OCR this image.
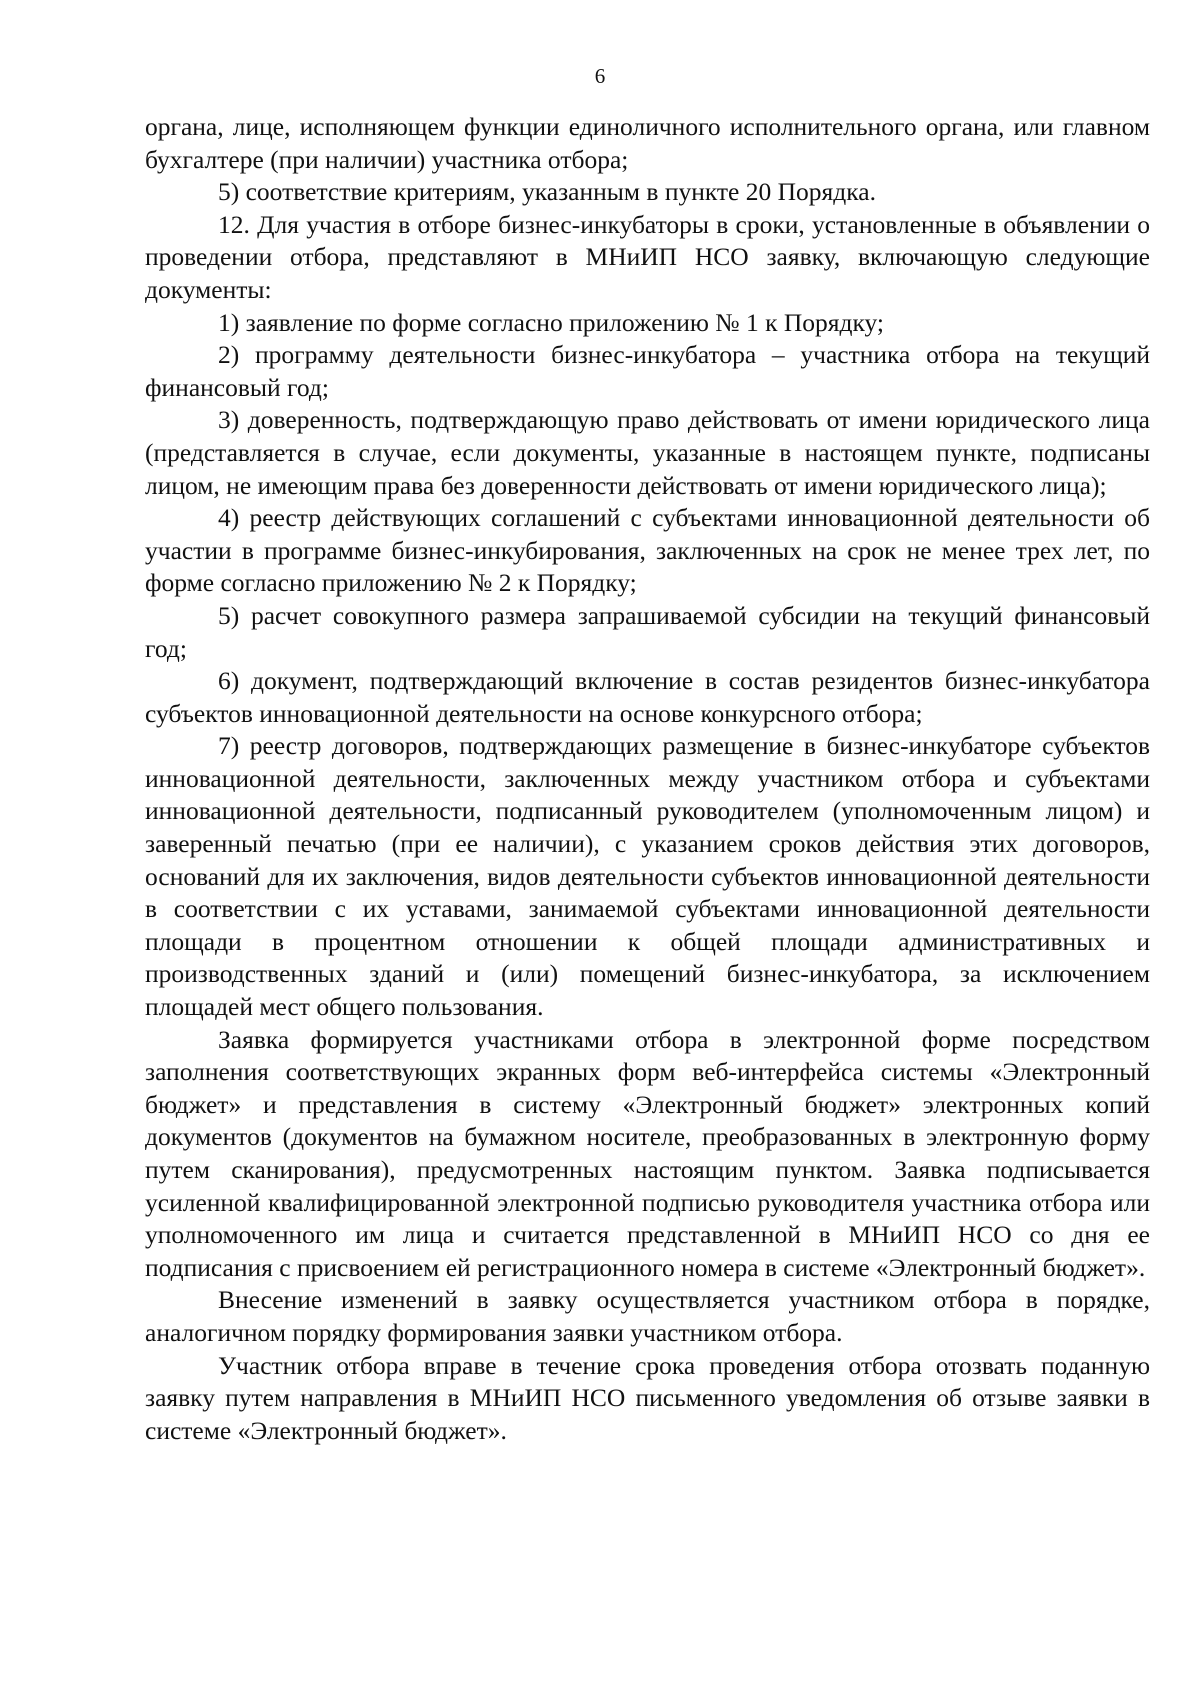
6

органа, лице, исполняющем функции единоличного исполнительного органа, или главном бухгалтере (при наличии) участника отбора;

5) соответствие критериям, указанным в пункте 20 Порядка.

12. Для участия в отборе бизнес-инкубаторы в сроки, установленные в объявлении о проведении отбора, представляют в МНиИП НСО заявку, включающую следующие документы:

1) заявление по форме согласно приложению № 1 к Порядку;

2) программу деятельности бизнес-инкубатора – участника отбора на текущий финансовый год;

3) доверенность, подтверждающую право действовать от имени юридического лица (представляется в случае, если документы, указанные в настоящем пункте, подписаны лицом, не имеющим права без доверенности действовать от имени юридического лица);

4) реестр действующих соглашений с субъектами инновационной деятельности об участии в программе бизнес-инкубирования, заключенных на срок не менее трех лет, по форме согласно приложению № 2 к Порядку;

5) расчет совокупного размера запрашиваемой субсидии на текущий финансовый год;

6) документ, подтверждающий включение в состав резидентов бизнес-инкубатора субъектов инновационной деятельности на основе конкурсного отбора;

7) реестр договоров, подтверждающих размещение в бизнес-инкубаторе субъектов инновационной деятельности, заключенных между участником отбора и субъектами инновационной деятельности, подписанный руководителем (уполномоченным лицом) и заверенный печатью (при ее наличии), с указанием сроков действия этих договоров, оснований для их заключения, видов деятельности субъектов инновационной деятельности в соответствии с их уставами, занимаемой субъектами инновационной деятельности площади в процентном отношении к общей площади административных и производственных зданий и (или) помещений бизнес-инкубатора, за исключением площадей мест общего пользования.

Заявка формируется участниками отбора в электронной форме посредством заполнения соответствующих экранных форм веб-интерфейса системы «Электронный бюджет» и представления в систему «Электронный бюджет» электронных копий документов (документов на бумажном носителе, преобразованных в электронную форму путем сканирования), предусмотренных настоящим пунктом. Заявка подписывается усиленной квалифицированной электронной подписью руководителя участника отбора или уполномоченного им лица и считается представленной в МНиИП НСО со дня ее подписания с присвоением ей регистрационного номера в системе «Электронный бюджет».

Внесение изменений в заявку осуществляется участником отбора в порядке, аналогичном порядку формирования заявки участником отбора.

Участник отбора вправе в течение срока проведения отбора отозвать поданную заявку путем направления в МНиИП НСО письменного уведомления об отзыве заявки в системе «Электронный бюджет».
